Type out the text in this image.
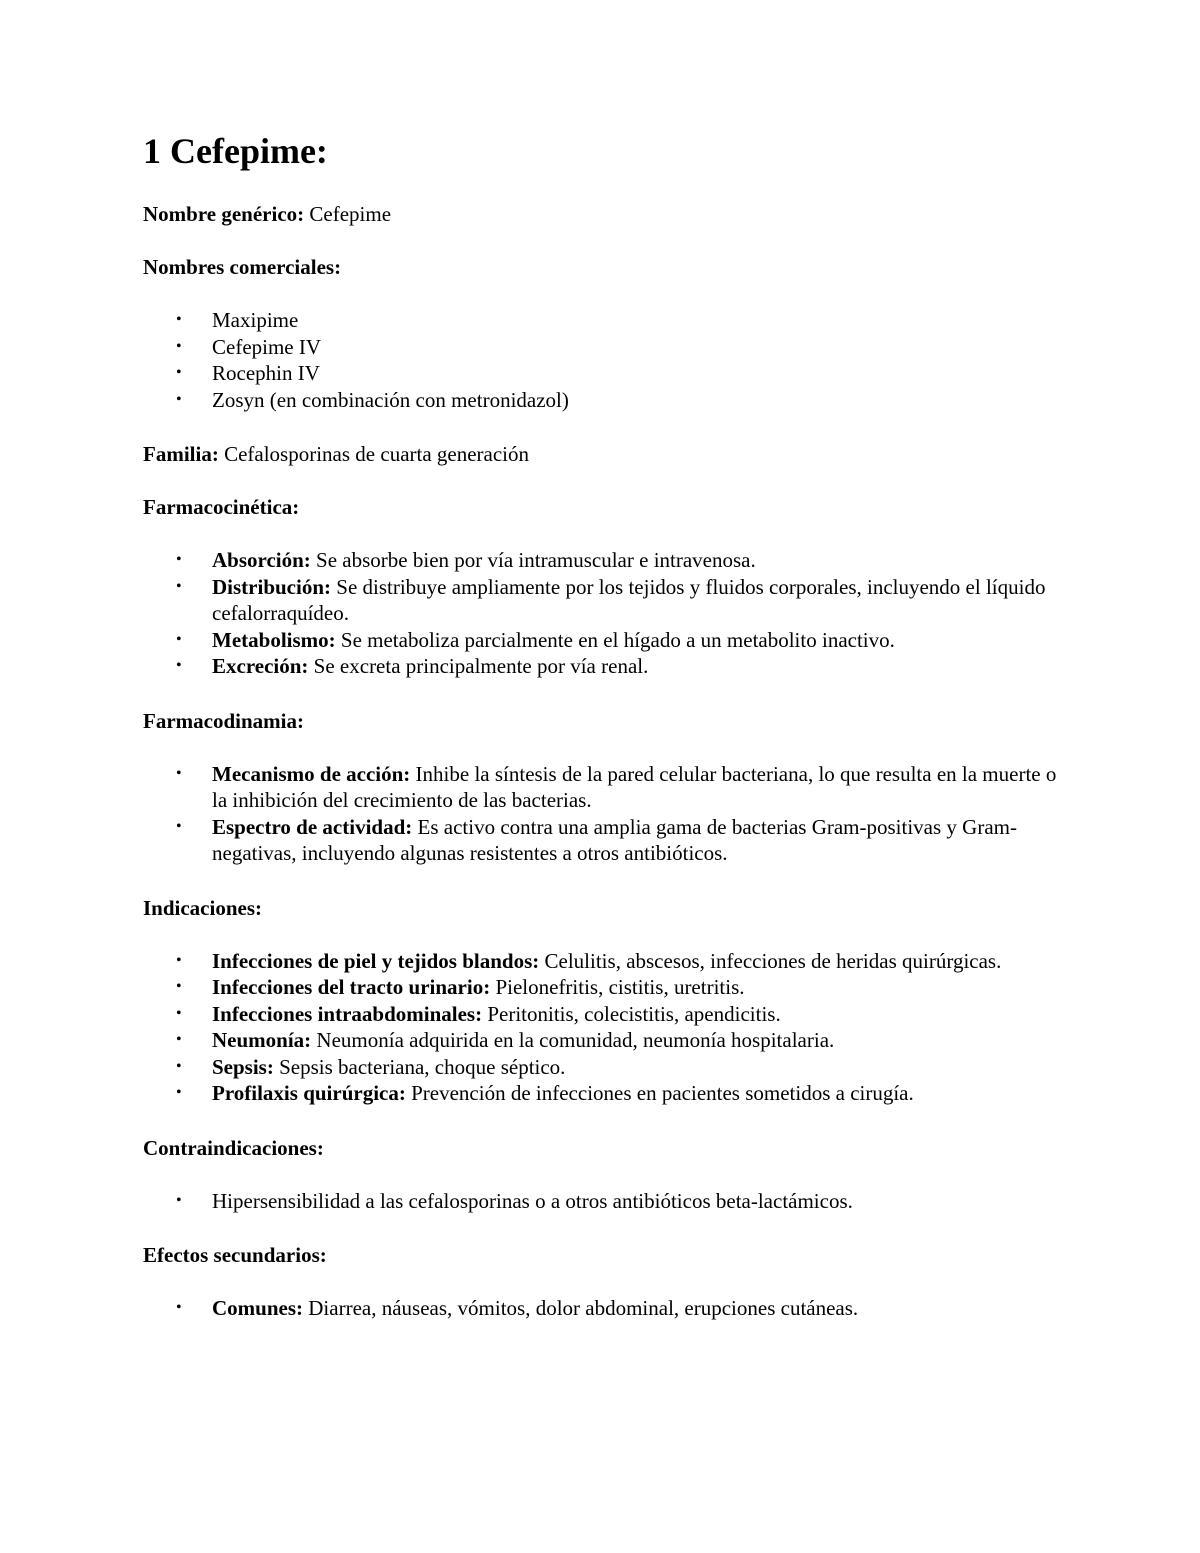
1 Cefepime:

Nombre genérico: Cefepime

Nombres comerciales:

• Maxipime
• Cefepime IV
• Rocephin IV
• Zosyn (en combinación con metronidazol)

Familia: Cefalosporinas de cuarta generación

Farmacocinética:

• Absorción: Se absorbe bien por vía intramuscular e intravenosa.
• Distribución: Se distribuye ampliamente por los tejidos y fluidos corporales, incluyendo el líquido cefalorraquídeo.
• Metabolismo: Se metaboliza parcialmente en el hígado a un metabolito inactivo.
• Excreción: Se excreta principalmente por vía renal.

Farmacodinamia:

• Mecanismo de acción: Inhibe la síntesis de la pared celular bacteriana, lo que resulta en la muerte o la inhibición del crecimiento de las bacterias.
• Espectro de actividad: Es activo contra una amplia gama de bacterias Gram-positivas y Gram-negativas, incluyendo algunas resistentes a otros antibióticos.

Indicaciones:

• Infecciones de piel y tejidos blandos: Celulitis, abscesos, infecciones de heridas quirúrgicas.
• Infecciones del tracto urinario: Pielonefritis, cistitis, uretritis.
• Infecciones intraabdominales: Peritonitis, colecistitis, apendicitis.
• Neumonía: Neumonía adquirida en la comunidad, neumonía hospitalaria.
• Sepsis: Sepsis bacteriana, choque séptico.
• Profilaxis quirúrgica: Prevención de infecciones en pacientes sometidos a cirugía.

Contraindicaciones:

• Hipersensibilidad a las cefalosporinas o a otros antibióticos beta-lactámicos.

Efectos secundarios:

• Comunes: Diarrea, náuseas, vómitos, dolor abdominal, erupciones cutáneas.
